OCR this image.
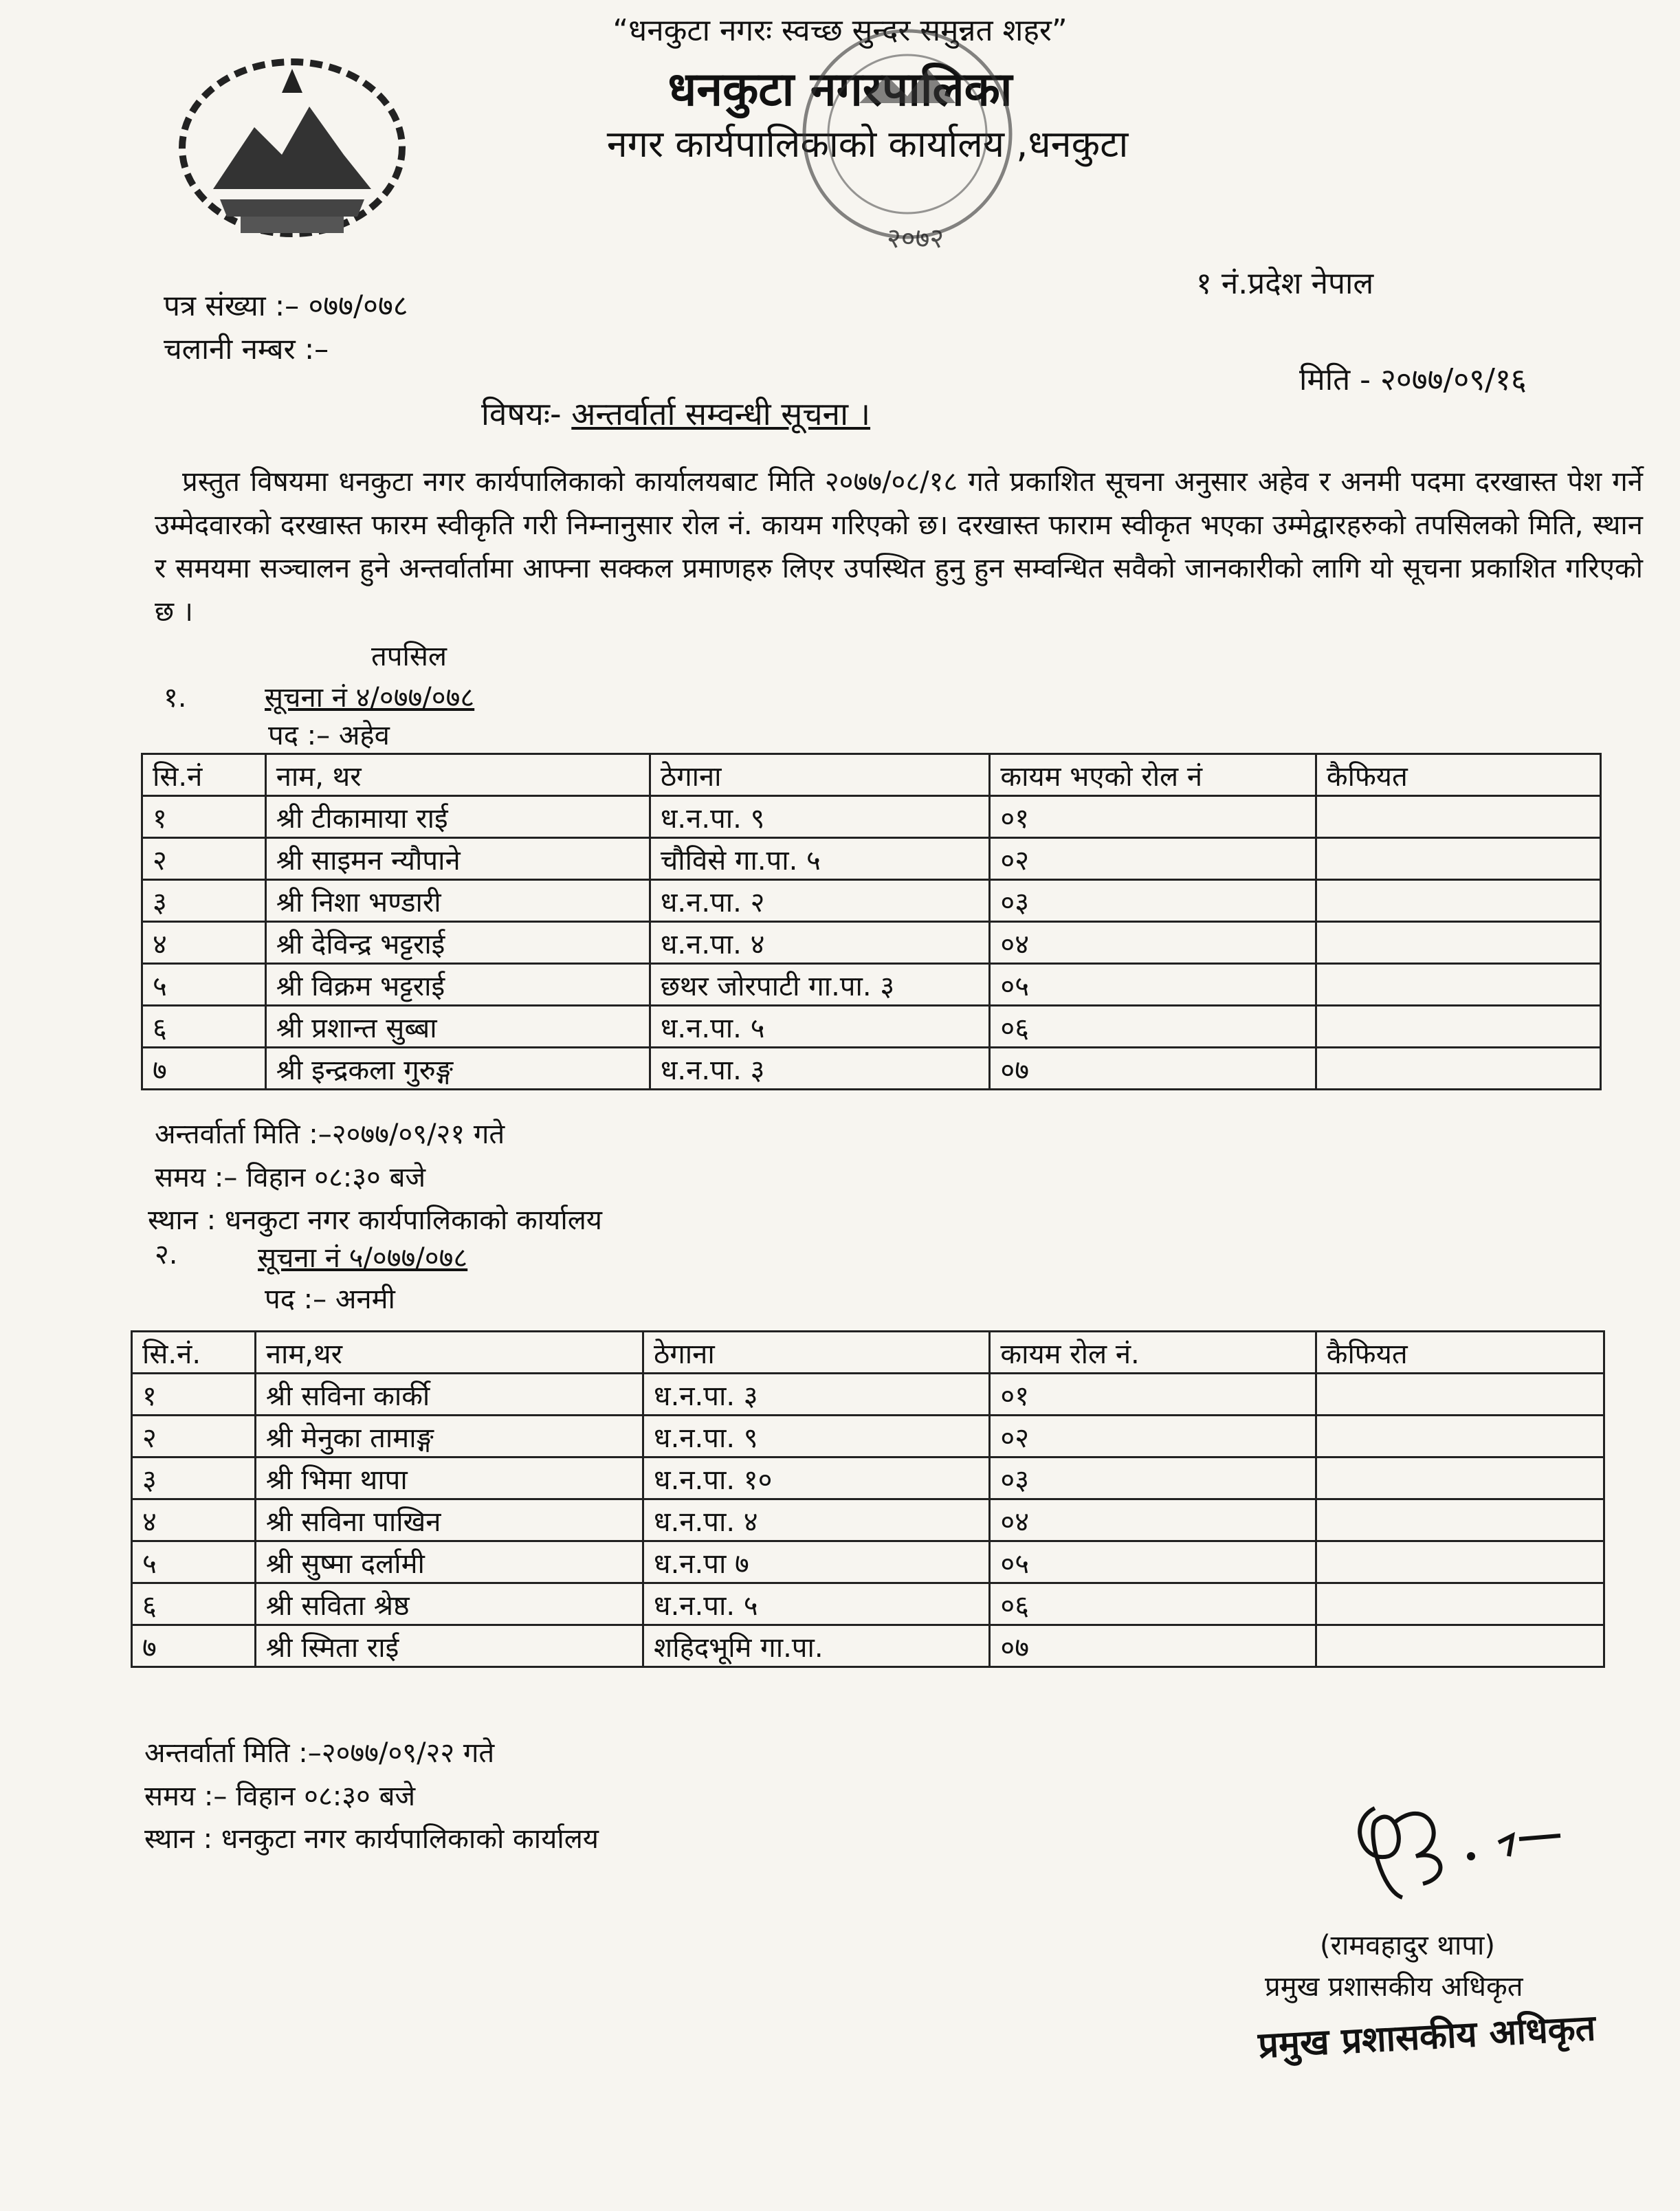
“धनकुटा नगरः स्वच्छ सुन्दर समुन्नत शहर”
धनकुटा नगरपालिका
नगर कार्यपालिकाको कार्यालय ,धनकुटा
२०७२
१ नं.प्रदेश नेपाल
पत्र संख्या :– ०७७/०७८
चलानी नम्बर :–
मिति - २०७७/०९/१६
विषयः- अन्तर्वार्ता सम्वन्धी सूचना ।
प्रस्तुत विषयमा धनकुटा नगर कार्यपालिकाको कार्यालयबाट मिति २०७७/०८/१८ गते प्रकाशित सूचना अनुसार अहेव र अनमी पदमा दरखास्त पेश गर्ने उम्मेदवारको दरखास्त फारम स्वीकृति गरी निम्नानुसार रोल नं. कायम गरिएको छ। दरखास्त फाराम स्वीकृत भएका उम्मेद्वारहरुको तपसिलको मिति, स्थान र समयमा सञ्चालन हुने अन्तर्वार्तामा आफ्ना सक्कल प्रमाणहरु लिएर उपस्थित हुनु हुन सम्वन्धित सवैको जानकारीको लागि यो सूचना प्रकाशित गरिएको छ ।
तपसिल
१.	सूचना नं ४/०७७/०७८
पद :– अहेव
सि.नं	नाम, थर	ठेगाना	कायम भएको रोल नं	कैफियत
१	श्री टीकामाया राई	ध.न.पा. ९	०१	
२	श्री साइमन न्यौपाने	चौविसे गा.पा. ५	०२	
३	श्री निशा भण्डारी	ध.न.पा. २	०३	
४	श्री देविन्द्र भट्टराई	ध.न.पा. ४	०४	
५	श्री विक्रम भट्टराई	छथर जोरपाटी गा.पा. ३	०५	
६	श्री प्रशान्त सुब्बा	ध.न.पा. ५	०६	
७	श्री इन्द्रकला गुरुङ्ग	ध.न.पा. ३	०७	
अन्तर्वार्ता मिति :–२०७७/०९/२१ गते
समय :– विहान ०८:३० बजे
स्थान : धनकुटा नगर कार्यपालिकाको कार्यालय
२.	सूचना नं ५/०७७/०७८
पद :– अनमी
सि.नं.	नाम,थर	ठेगाना	कायम रोल नं.	कैफियत
१	श्री सविना कार्की	ध.न.पा. ३	०१	
२	श्री मेनुका तामाङ्ग	ध.न.पा. ९	०२	
३	श्री भिमा थापा	ध.न.पा. १०	०३	
४	श्री सविना पाखिन	ध.न.पा. ४	०४	
५	श्री सुष्मा दर्लामी	ध.न.पा ७	०५	
६	श्री सविता श्रेष्ठ	ध.न.पा. ५	०६	
७	श्री स्मिता राई	शहिदभूमि गा.पा.	०७	
अन्तर्वार्ता मिति :–२०७७/०९/२२ गते
समय :– विहान ०८:३० बजे
स्थान : धनकुटा नगर कार्यपालिकाको कार्यालय
(रामवहादुर थापा)
प्रमुख प्रशासकीय अधिकृत
प्रमुख प्रशासकीय अधिकृत
